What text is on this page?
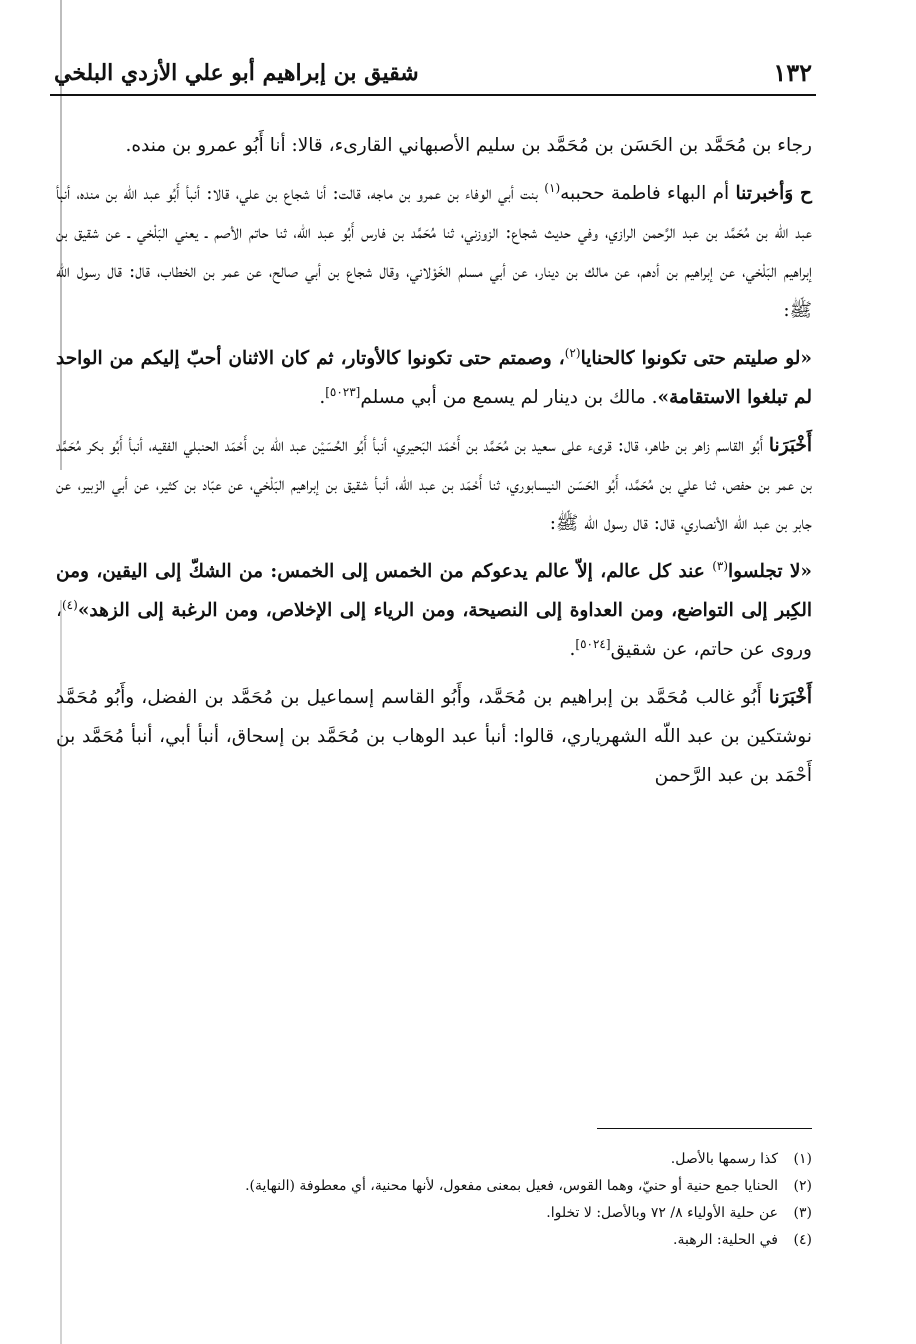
شقيق بن إبراهيم أبو علي الأزدي البلخي	١٣٢

رجاء بن مُحَمَّد بن الحَسَن بن مُحَمَّد بن سليم الأصبهاني القارىء، قالا: أنا أَبُو عمرو بن منده.

ح وَأخبرتنا أم البهاء فاطمة ححببه$^{(١)}$ بنت أبي الوفاء بن عمرو بن ماجه، قالت: أنا شجاع بن علي، قالا: أنبأ أَبُو عبد اللّه بن منده، أنبأ عبد اللّه بن مُحَمَّد بن عبد الرَّحمن الرازي، وفي حديث شجاع: الزوزني، ثنا مُحَمَّد بن فارس أَبُو عبد اللّه، ثنا حاتم الأصم ـ يعني البَلْخي ـ عن شقيق بن إبراهيم البَلْخي، عن إبراهيم بن أدهم، عن مالك بن دينار، عن أبي مسلم الخَوْلاني، وقال شجاع بن أبي صالح، عن عمر بن الخطاب، قال: قال رسول الله ﷺ:

«لو صليتم حتى تكونوا كالحنايا$^{(٢)}$، وصمتم حتى تكونوا كالأوتار، ثم كان الاثنان أحبّ إليكم من الواحد لم تبلغوا الاستقامة». مالك بن دينار لم يسمع من أبي مسلم[٥٠٢٣].

أَخْبَرَنا أَبُو القاسم زاهر بن طاهر، قال: قرىء على سعيد بن مُحَمَّد بن أَحْمَد البَحيري، أنبأ أَبُو الحُسَيْن عبد اللّه بن أَحْمَد الحنبلي الفقيه، أنبأ أَبُو بكر مُحَمَّد بن عمر بن حفص، ثنا علي بن مُحَمَّد، أَبُو الحَسَن النيسابوري، ثنا أَحْمَد بن عبد اللّه، أنبأ شقيق بن إبراهيم البَلْخي، عن عبّاد بن كثير، عن أبي الزبير، عن جابر بن عبد اللّه الأنصاري، قال: قال رسول الله ﷺ:

«لا تجلسوا$^{(٣)}$ عند كل عالم، إلاّ عالم يدعوكم من الخمس إلى الخمس: من الشكّ إلى اليقين، ومن الكِبر إلى التواضع، ومن العداوة إلى النصيحة، ومن الرياء إلى الإخلاص، ومن الرغبة إلى الزهد»$^{(٤)}$، وروى عن حاتم، عن شقيق[٥٠٢٤].

أَخْبَرَنا أَبُو غالب مُحَمَّد بن إبراهيم بن مُحَمَّد، وأَبُو القاسم إسماعيل بن مُحَمَّد بن الفضل، وأَبُو مُحَمَّد نوشتكين بن عبد اللّه الشهرياري، قالوا: أنبأ عبد الوهاب بن مُحَمَّد بن إسحاق، أنبأ أبي، أنبأ مُحَمَّد بن أَحْمَد بن عبد الرَّحمن

(١)كذا رسمها بالأصل.

(٢)الحنايا جمع حنية أو حنيّ، وهما القوس، فعيل بمعنى مفعول، لأنها محنية، أي معطوفة (النهاية).

(٣)عن حلية الأولياء ٨/ ٧٢ وبالأصل: لا تخلوا.

(٤)في الحلية: الرهبة.
